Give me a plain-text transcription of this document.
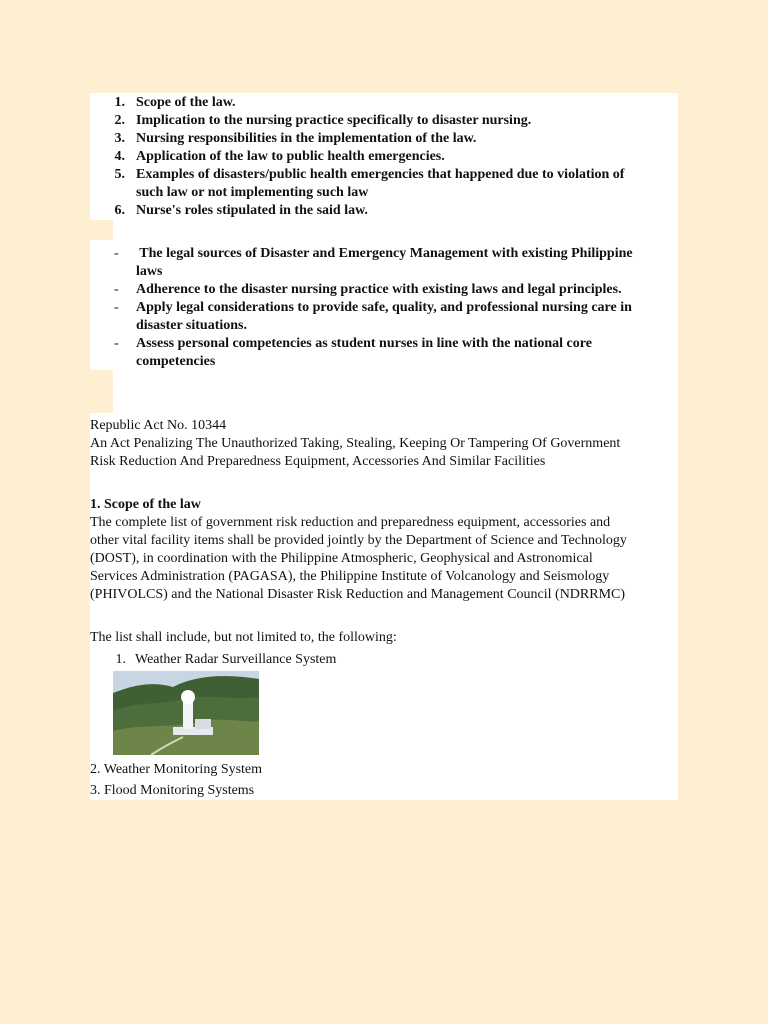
1. Scope of the law.
2. Implication to the nursing practice specifically to disaster nursing.
3. Nursing responsibilities in the implementation of the law.
4. Application of the law to public health emergencies.
5. Examples of disasters/public health emergencies that happened due to violation of
such law or not implementing such law
6. Nurse's roles stipulated in the said law.
- The legal sources of Disaster and Emergency Management with existing Philippine
laws
- Adherence to the disaster nursing practice with existing laws and legal principles.
- Apply legal considerations to provide safe, quality, and professional nursing care in
disaster situations.
- Assess personal competencies as student nurses in line with the national core
competencies
Republic Act No. 10344
An Act Penalizing The Unauthorized Taking, Stealing, Keeping Or Tampering Of Government
Risk Reduction And Preparedness Equipment, Accessories And Similar Facilities
1. Scope of the law
The complete list of government risk reduction and preparedness equipment, accessories and
other vital facility items shall be provided jointly by the Department of Science and Technology
(DOST), in coordination with the Philippine Atmospheric, Geophysical and Astronomical
Services Administration (PAGASA), the Philippine Institute of Volcanology and Seismology
(PHIVOLCS) and the National Disaster Risk Reduction and Management Council (NDRRMC)
The list shall include, but not limited to, the following:
1. Weather Radar Surveillance System
2. Weather Monitoring System
3. Flood Monitoring Systems
